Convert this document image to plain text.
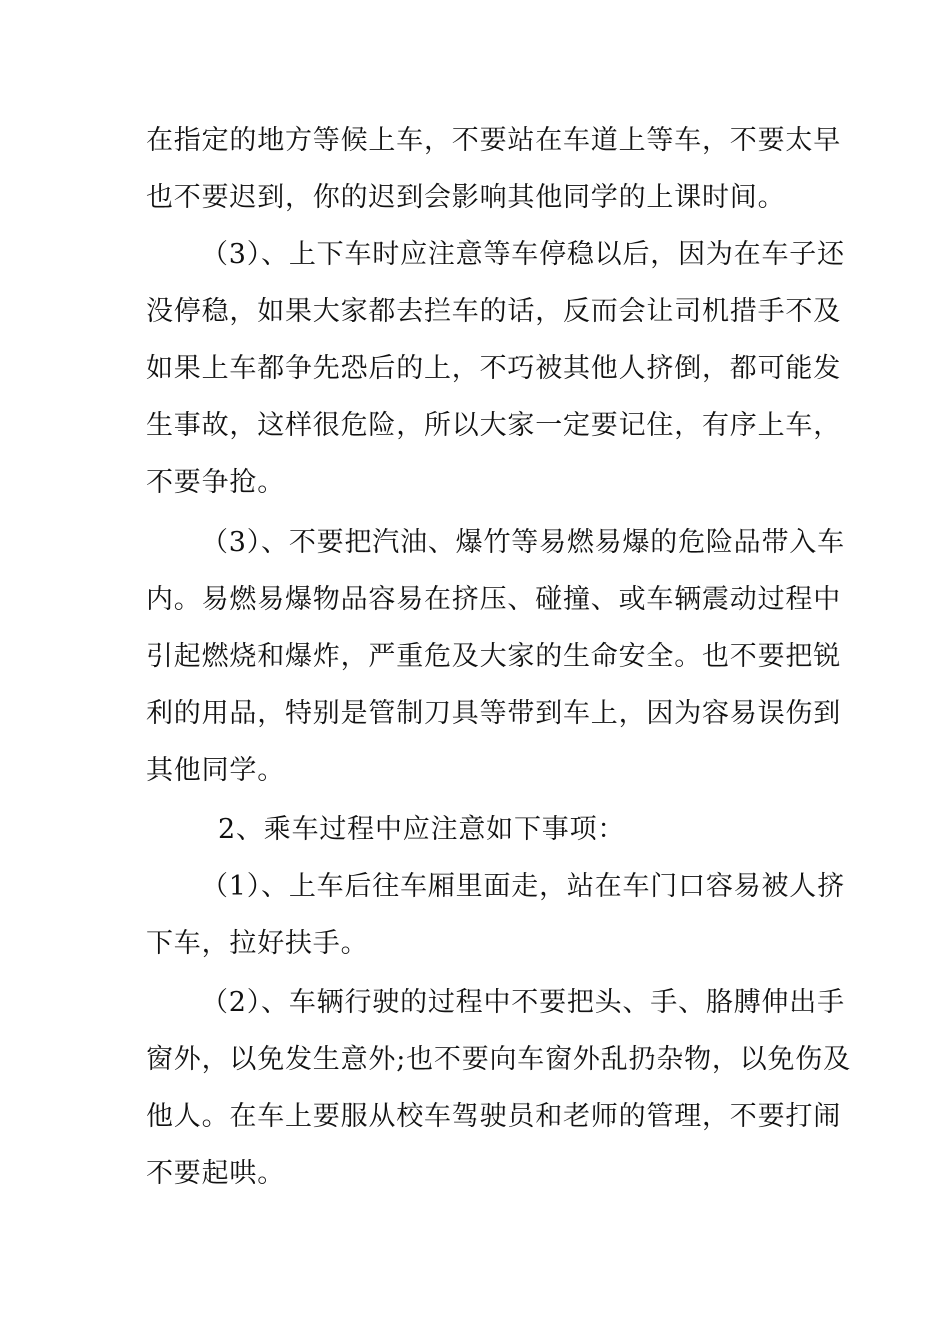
在指定的地方等候上车，不要站在车道上等车，不要太早
也不要迟到，你的迟到会影响其他同学的上课时间。
（3）、上下车时应注意等车停稳以后，因为在车子还
没停稳，如果大家都去拦车的话，反而会让司机措手不及
如果上车都争先恐后的上，不巧被其他人挤倒，都可能发
生事故，这样很危险，所以大家一定要记住，有序上车，
不要争抢。
（3）、不要把汽油、爆竹等易燃易爆的危险品带入车
内。易燃易爆物品容易在挤压、碰撞、或车辆震动过程中
引起燃烧和爆炸，严重危及大家的生命安全。也不要把锐
利的用品，特别是管制刀具等带到车上，因为容易误伤到
其他同学。
2、乘车过程中应注意如下事项：
（1）、上车后往车厢里面走，站在车门口容易被人挤
下车，拉好扶手。
（2）、车辆行驶的过程中不要把头、手、胳膊伸出手
窗外，以免发生意外;也不要向车窗外乱扔杂物，以免伤及
他人。在车上要服从校车驾驶员和老师的管理，不要打闹
不要起哄。
